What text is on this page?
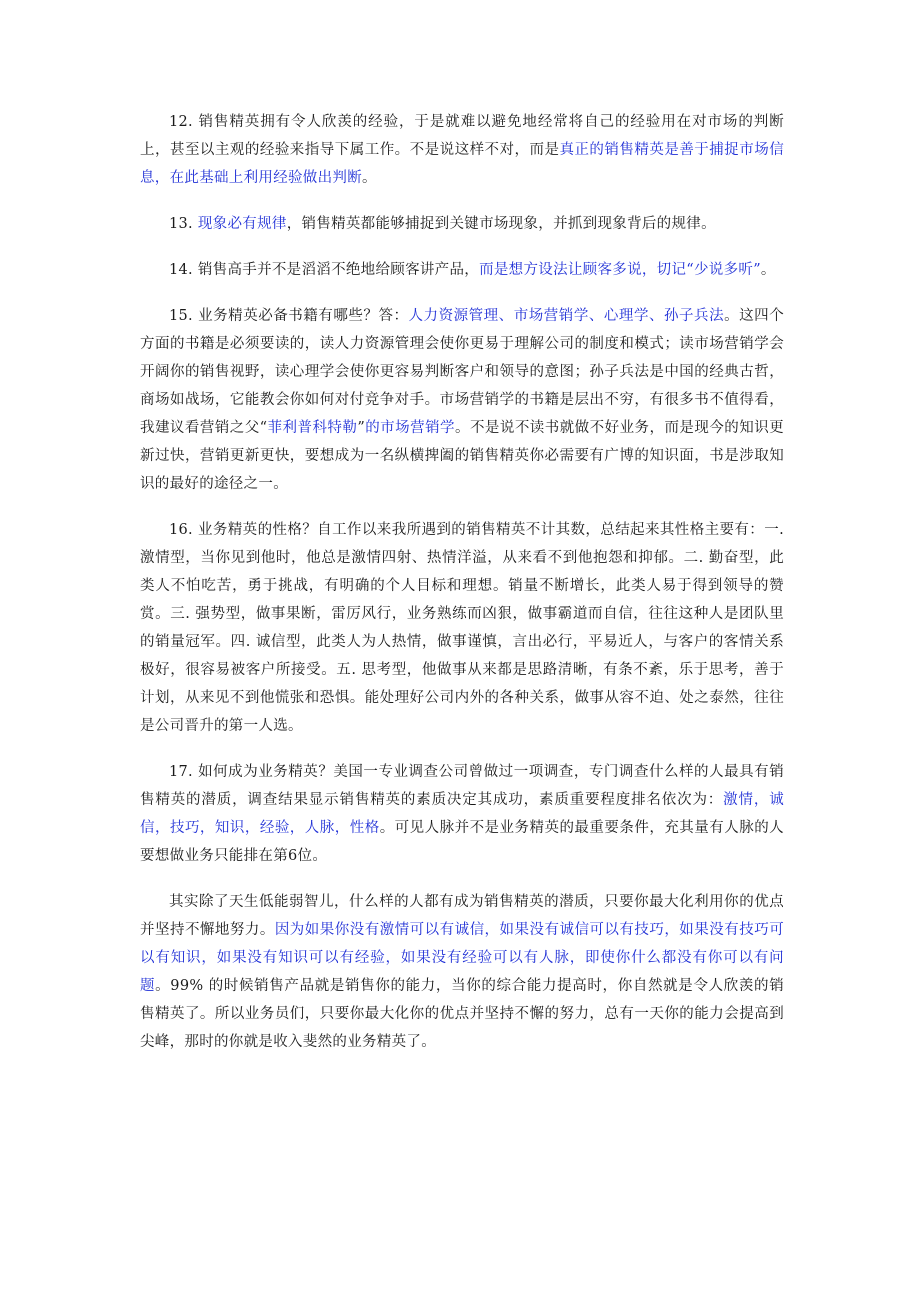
12. 销售精英拥有令人欣羡的经验，于是就难以避免地经常将自己的经验用在对市场的判断上，甚至以主观的经验来指导下属工作。不是说这样不对，而是真正的销售精英是善于捕捉市场信息，在此基础上利用经验做出判断。

13. 现象必有规律，销售精英都能够捕捉到关键市场现象，并抓到现象背后的规律。

14. 销售高手并不是滔滔不绝地给顾客讲产品，而是想方设法让顾客多说，切记“少说多听”。

15. 业务精英必备书籍有哪些？答：人力资源管理、市场营销学、心理学、孙子兵法。这四个方面的书籍是必须要读的，读人力资源管理会使你更易于理解公司的制度和模式；读市场营销学会开阔你的销售视野，读心理学会使你更容易判断客户和领导的意图；孙子兵法是中国的经典古哲，商场如战场，它能教会你如何对付竞争对手。市场营销学的书籍是层出不穷，有很多书不值得看，我建议看营销之父“菲利普科特勒”的市场营销学。不是说不读书就做不好业务，而是现今的知识更新过快，营销更新更快，要想成为一名纵横捭阖的销售精英你必需要有广博的知识面，书是涉取知识的最好的途径之一。

16. 业务精英的性格？自工作以来我所遇到的销售精英不计其数，总结起来其性格主要有：一. 激情型，当你见到他时，他总是激情四射、热情洋溢，从来看不到他抱怨和抑郁。二. 勤奋型，此类人不怕吃苦，勇于挑战，有明确的个人目标和理想。销量不断增长，此类人易于得到领导的赞赏。三. 强势型，做事果断，雷厉风行，业务熟练而凶狠，做事霸道而自信，往往这种人是团队里的销量冠军。四. 诚信型，此类人为人热情，做事谨慎，言出必行，平易近人，与客户的客情关系极好，很容易被客户所接受。五. 思考型，他做事从来都是思路清晰，有条不紊，乐于思考，善于计划，从来见不到他慌张和恐惧。能处理好公司内外的各种关系，做事从容不迫、处之泰然，往往是公司晋升的第一人选。

17. 如何成为业务精英？美国一专业调查公司曾做过一项调查，专门调查什么样的人最具有销售精英的潜质，调查结果显示销售精英的素质决定其成功，素质重要程度排名依次为：激情，诚信，技巧，知识，经验，人脉，性格。可见人脉并不是业务精英的最重要条件，充其量有人脉的人要想做业务只能排在第6位。

其实除了天生低能弱智儿，什么样的人都有成为销售精英的潜质，只要你最大化利用你的优点并坚持不懈地努力。因为如果你没有激情可以有诚信，如果没有诚信可以有技巧，如果没有技巧可以有知识，如果没有知识可以有经验，如果没有经验可以有人脉，即使你什么都没有你可以有问题。99% 的时候销售产品就是销售你的能力，当你的综合能力提高时，你自然就是令人欣羡的销售精英了。所以业务员们，只要你最大化你的优点并坚持不懈的努力，总有一天你的能力会提高到尖峰，那时的你就是收入斐然的业务精英了。
